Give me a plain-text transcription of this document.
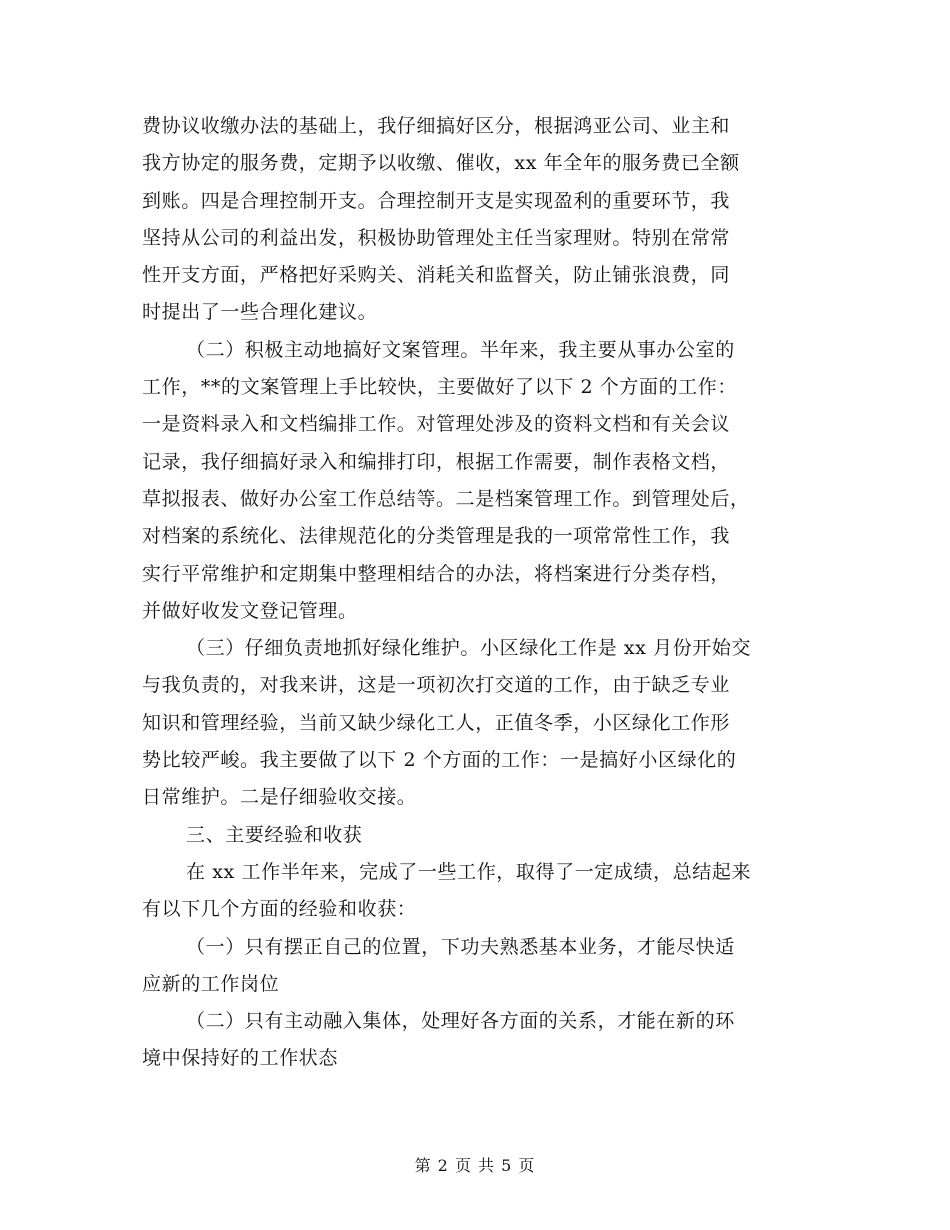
费协议收缴办法的基础上，我仔细搞好区分，根据鸿亚公司、业主和
我方协定的服务费，定期予以收缴、催收，xx 年全年的服务费已全额
到账。四是合理控制开支。合理控制开支是实现盈利的重要环节，我
坚持从公司的利益出发，积极协助管理处主任当家理财。特别在常常
性开支方面，严格把好采购关、消耗关和监督关，防止铺张浪费，同
时提出了一些合理化建议。
（二）积极主动地搞好文案管理。半年来，我主要从事办公室的
工作，**的文案管理上手比较快，主要做好了以下 2 个方面的工作：
一是资料录入和文档编排工作。对管理处涉及的资料文档和有关会议
记录，我仔细搞好录入和编排打印，根据工作需要，制作表格文档，
草拟报表、做好办公室工作总结等。二是档案管理工作。到管理处后，
对档案的系统化、法律规范化的分类管理是我的一项常常性工作，我
实行平常维护和定期集中整理相结合的办法，将档案进行分类存档，
并做好收发文登记管理。
（三）仔细负责地抓好绿化维护。小区绿化工作是 xx 月份开始交
与我负责的，对我来讲，这是一项初次打交道的工作，由于缺乏专业
知识和管理经验，当前又缺少绿化工人，正值冬季，小区绿化工作形
势比较严峻。我主要做了以下 2 个方面的工作：一是搞好小区绿化的
日常维护。二是仔细验收交接。
三、主要经验和收获
在 xx 工作半年来，完成了一些工作，取得了一定成绩，总结起来
有以下几个方面的经验和收获：
（一）只有摆正自己的位置，下功夫熟悉基本业务，才能尽快适
应新的工作岗位
（二）只有主动融入集体，处理好各方面的关系，才能在新的环
境中保持好的工作状态
第 2 页 共 5 页
